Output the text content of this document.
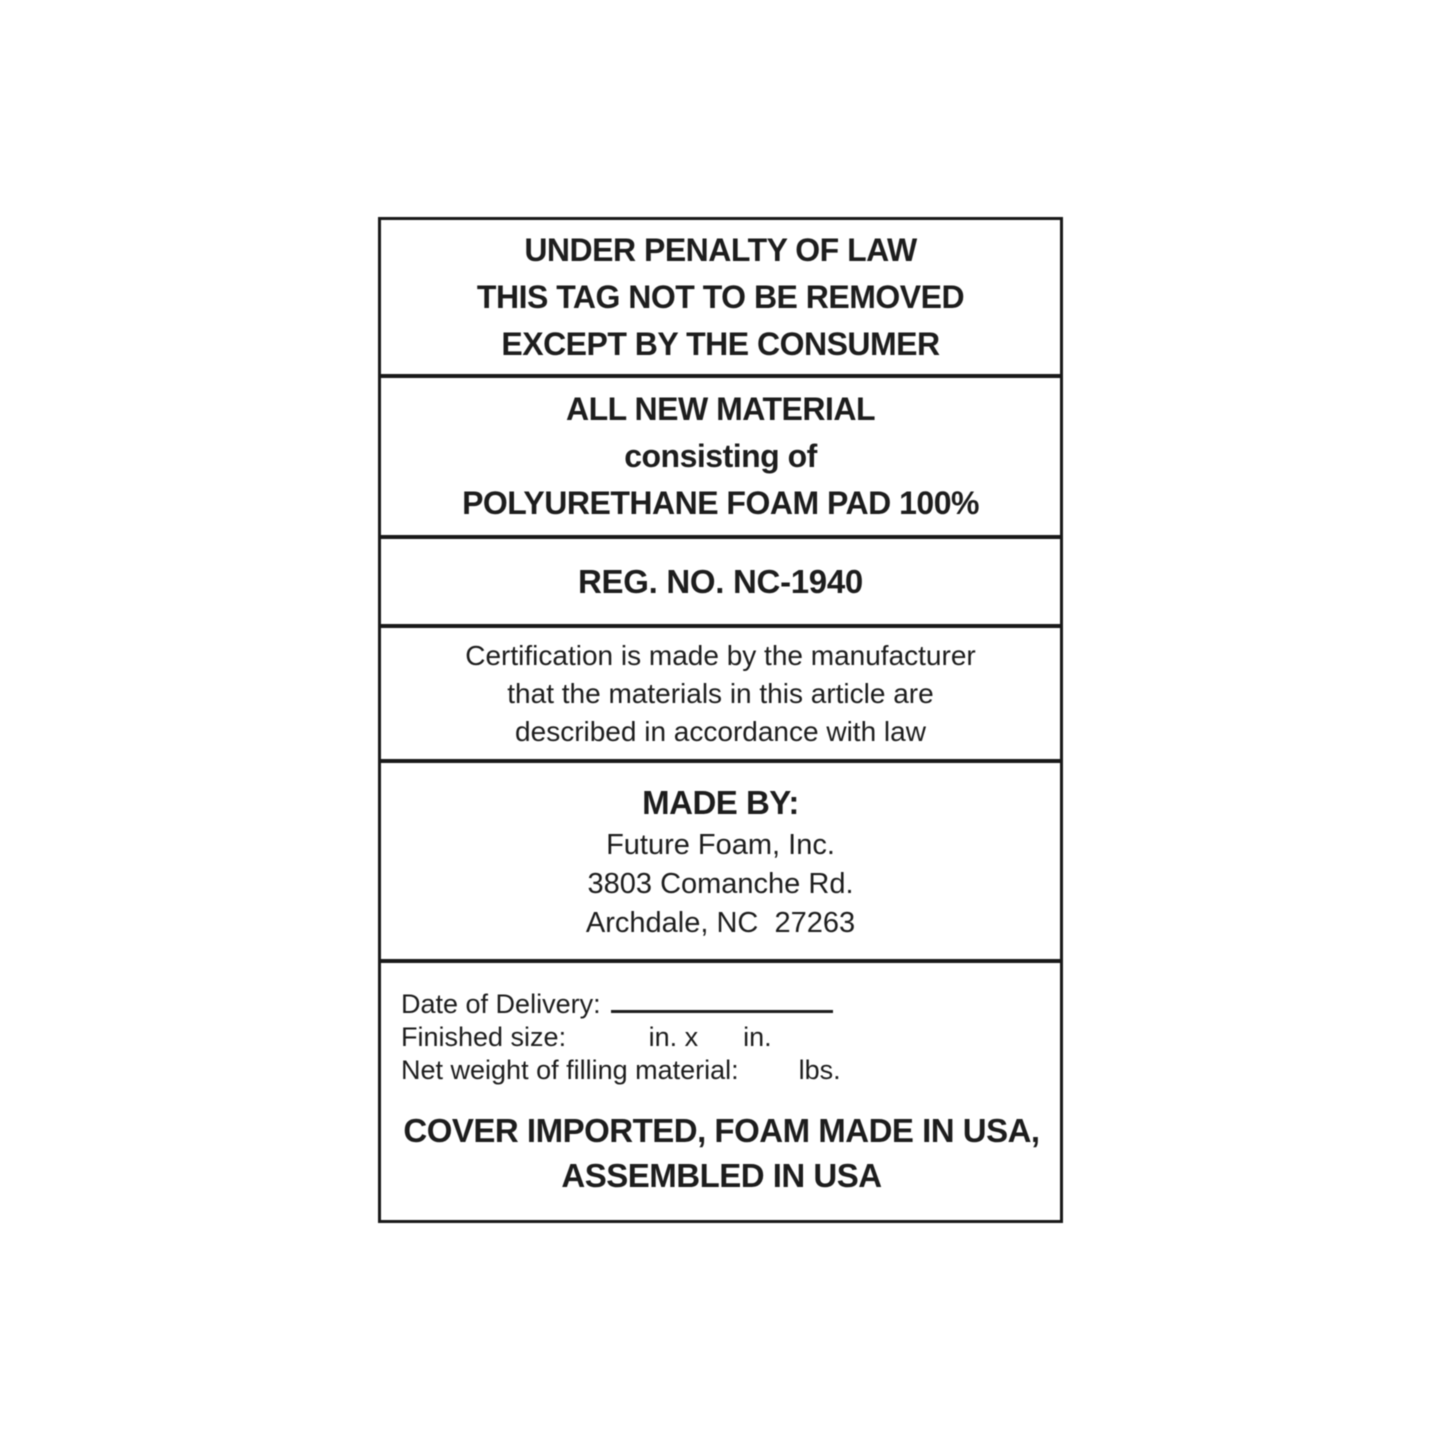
UNDER PENALTY OF LAW
THIS TAG NOT TO BE REMOVED
EXCEPT BY THE CONSUMER
ALL NEW MATERIAL
consisting of
POLYURETHANE FOAM PAD 100%
REG. NO. NC-1940
Certification is made by the manufacturer
that the materials in this article are
described in accordance with law
MADE BY:
Future Foam, Inc.
3803 Comanche Rd.
Archdale, NC  27263
Date of Delivery:
Finished size:           in. x      in.
Net weight of filling material:        lbs.
COVER IMPORTED, FOAM MADE IN USA,
ASSEMBLED IN USA
